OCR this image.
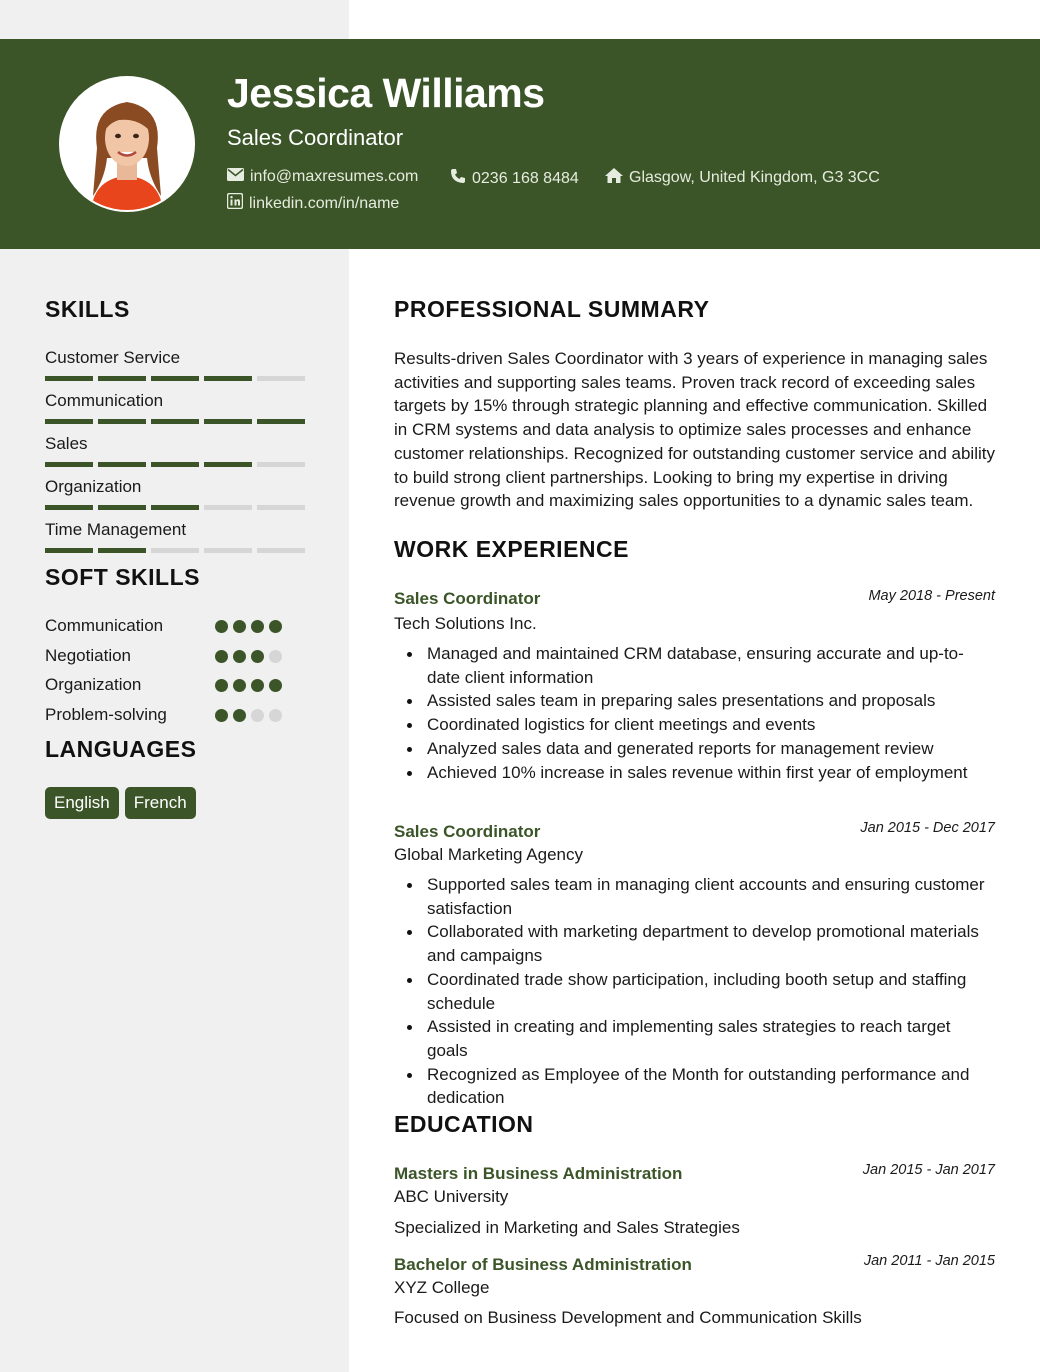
Jessica Williams
Sales Coordinator
info@maxresumes.com	0236 168 8484	Glasgow, United Kingdom, G3 3CC
linkedin.com/in/name
SKILLS
Customer Service
Communication
Sales
Organization
Time Management
SOFT SKILLS
Communication
Negotiation
Organization
Problem-solving
LANGUAGES
English	French
PROFESSIONAL SUMMARY
Results-driven Sales Coordinator with 3 years of experience in managing sales activities and supporting sales teams. Proven track record of exceeding sales targets by 15% through strategic planning and effective communication. Skilled in CRM systems and data analysis to optimize sales processes and enhance customer relationships. Recognized for outstanding customer service and ability to build strong client partnerships. Looking to bring my expertise in driving revenue growth and maximizing sales opportunities to a dynamic sales team.
WORK EXPERIENCE
Sales Coordinator	May 2018 - Present
Tech Solutions Inc.
Managed and maintained CRM database, ensuring accurate and up-to-date client information
Assisted sales team in preparing sales presentations and proposals
Coordinated logistics for client meetings and events
Analyzed sales data and generated reports for management review
Achieved 10% increase in sales revenue within first year of employment
Sales Coordinator	Jan 2015 - Dec 2017
Global Marketing Agency
Supported sales team in managing client accounts and ensuring customer satisfaction
Collaborated with marketing department to develop promotional materials and campaigns
Coordinated trade show participation, including booth setup and staffing schedule
Assisted in creating and implementing sales strategies to reach target goals
Recognized as Employee of the Month for outstanding performance and dedication
EDUCATION
Masters in Business Administration	Jan 2015 - Jan 2017
ABC University
Specialized in Marketing and Sales Strategies
Bachelor of Business Administration	Jan 2011 - Jan 2015
XYZ College
Focused on Business Development and Communication Skills
